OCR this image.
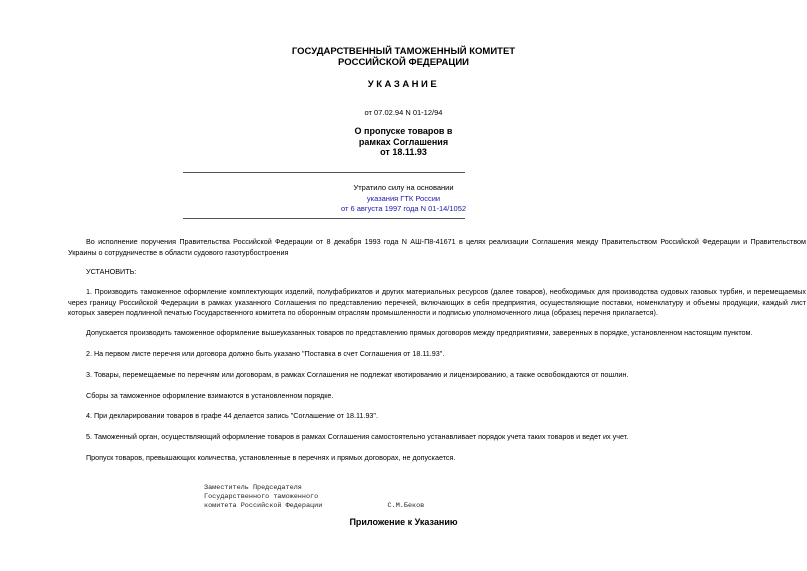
ГОСУДАРСТВЕННЫЙ ТАМОЖЕННЫЙ КОМИТЕТ
РОССИЙСКОЙ ФЕДЕРАЦИИ
УКАЗАНИЕ
от 07.02.94 N 01-12/94
О пропуске товаров в
рамках Соглашения
от 18.11.93
Утратило силу на основании
указания ГТК России
от 6 августа 1997 года N 01-14/1052
Во исполнение поручения Правительства Российской Федерации от 8 декабря 1993 года N АШ-П8-41671 в целях реализации Соглашения между Правительством Российской Федерации и Правительством Украины о сотрудничестве в области судового газотурбостроения
УСТАНОВИТЬ:
1. Производить таможенное оформление комплектующих изделий, полуфабрикатов и других материальных ресурсов (далее товаров), необходимых для производства судовых газовых турбин, и перемещаемых через границу Российской Федерации в рамках указанного Соглашения по представлению перечней, включающих в себя предприятия, осуществляющие поставки, номенклатуру и объемы продукции, каждый лист которых заверен подлинной печатью Государственного комитета по оборонным отраслям промышленности и подписью уполномоченного лица (образец перечня прилагается).
Допускается производить таможенное оформление вышеуказанных товаров по представлению прямых договоров между предприятиями, заверенных в порядке, установленном настоящим пунктом.
2. На первом листе перечня или договора должно быть указано "Поставка в счет Соглашения от 18.11.93".
3. Товары, перемещаемые по перечням или договорам, в рамках Соглашения не подлежат квотированию и лицензированию, а также освобождаются от пошлин.
Сборы за таможенное оформление взимаются в установленном порядке.
4. При декларировании товаров в графе 44 делается запись "Соглашение от 18.11.93".
5. Таможенный орган, осуществляющий оформление товаров в рамках Соглашения самостоятельно устанавливает порядок учета таких товаров и ведет их учет.
Пропуск товаров, превышающих количества, установленные в перечнях и прямых договорах, не допускается.
Заместитель Председателя
Государственного таможенного
комитета Российской Федерации                С.М.Беков
Приложение к Указанию
